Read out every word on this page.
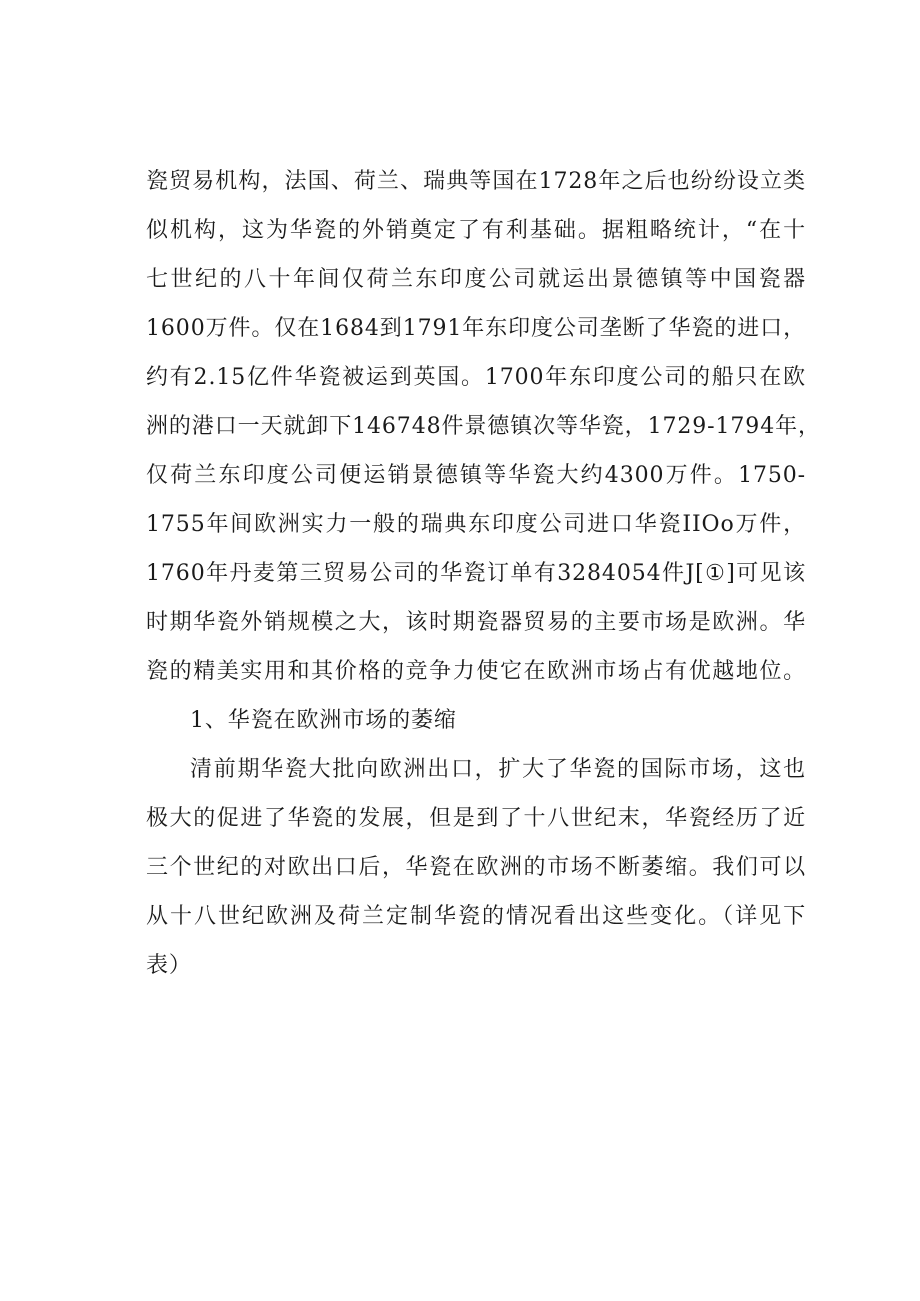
瓷贸易机构，法国、荷兰、瑞典等国在1728年之后也纷纷设立类
似机构，这为华瓷的外销奠定了有利基础。据粗略统计，“在十
七世纪的八十年间仅荷兰东印度公司就运出景德镇等中国瓷器
1600万件。仅在1684到1791年东印度公司垄断了华瓷的进口，
约有2.15亿件华瓷被运到英国。1700年东印度公司的船只在欧
洲的港口一天就卸下146748件景德镇次等华瓷，1729-1794年，
仅荷兰东印度公司便运销景德镇等华瓷大约4300万件。1750-
1755年间欧洲实力一般的瑞典东印度公司进口华瓷IIOo万件，
1760年丹麦第三贸易公司的华瓷订单有3284054件J[①]可见该
时期华瓷外销规模之大，该时期瓷器贸易的主要市场是欧洲。华
瓷的精美实用和其价格的竞争力使它在欧洲市场占有优越地位。
1、华瓷在欧洲市场的萎缩
清前期华瓷大批向欧洲出口，扩大了华瓷的国际市场，这也
极大的促进了华瓷的发展，但是到了十八世纪末，华瓷经历了近
三个世纪的对欧出口后，华瓷在欧洲的市场不断萎缩。我们可以
从十八世纪欧洲及荷兰定制华瓷的情况看出这些变化。（详见下
表）
